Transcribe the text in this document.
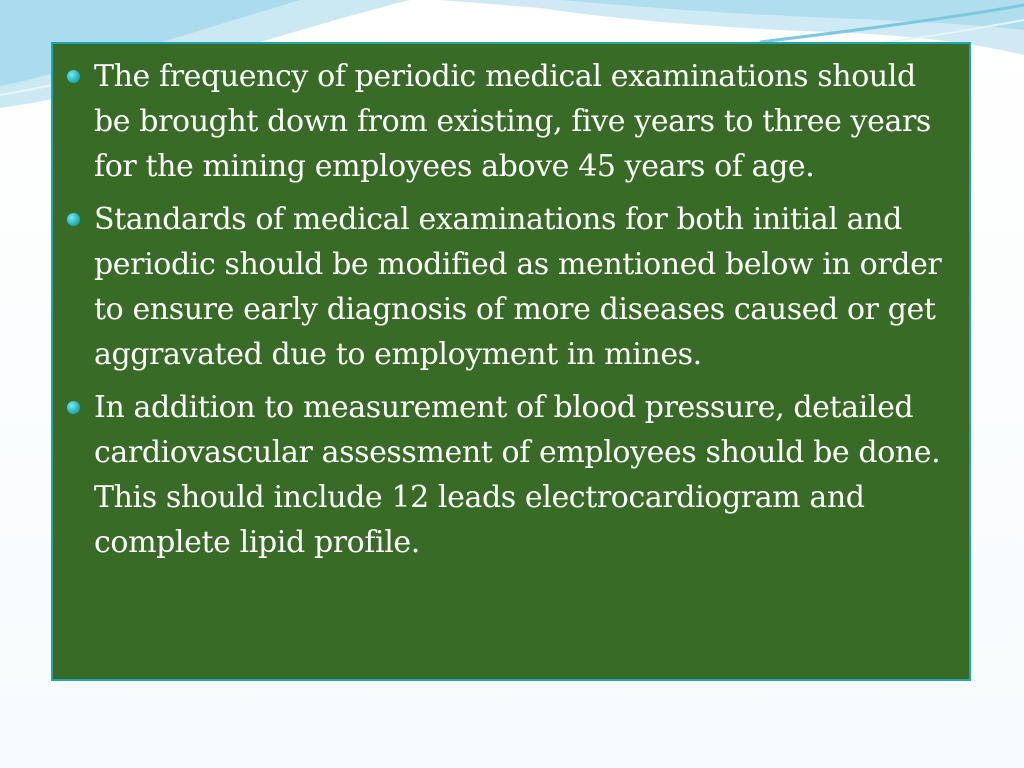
The frequency of periodic medical examinations should be brought down from existing, five years to three years for the mining employees above 45 years of age.
Standards of medical examinations for both initial and periodic should be modified as mentioned below in order to ensure early diagnosis of more diseases caused or get aggravated due to employment in mines.
In addition to measurement of blood pressure, detailed cardiovascular assessment of employees should be done. This should include 12 leads electrocardiogram and complete lipid profile.
